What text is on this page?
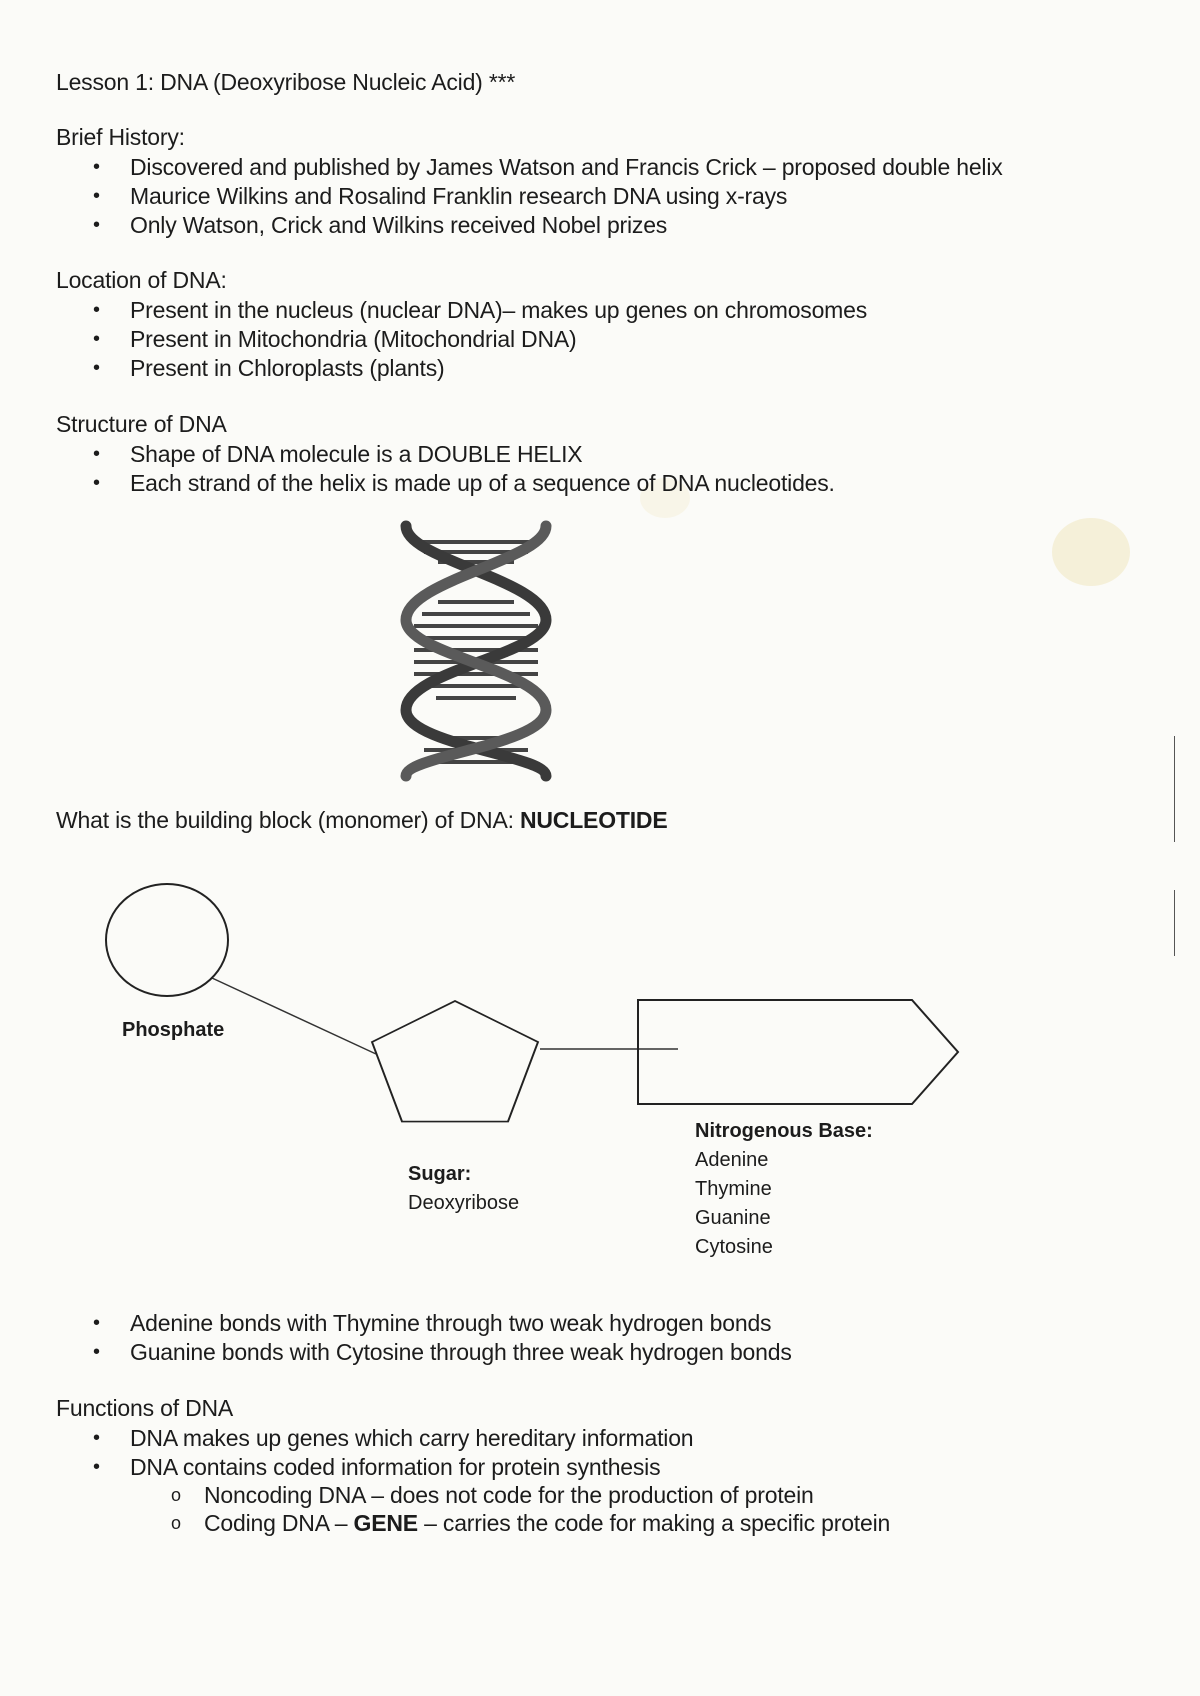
Lesson 1: DNA (Deoxyribose Nucleic Acid) ***
Brief History:
• Discovered and published by James Watson and Francis Crick – proposed double helix
• Maurice Wilkins and Rosalind Franklin research DNA using x-rays
• Only Watson, Crick and Wilkins received Nobel prizes
Location of DNA:
• Present in the nucleus (nuclear DNA)– makes up genes on chromosomes
• Present in Mitochondria (Mitochondrial DNA)
• Present in Chloroplasts (plants)
Structure of DNA
• Shape of DNA molecule is a DOUBLE HELIX
• Each strand of the helix is made up of a sequence of DNA nucleotides.
What is the building block (monomer) of DNA: NUCLEOTIDE
Phosphate
Sugar:
Deoxyribose
Nitrogenous Base:
Adenine
Thymine
Guanine
Cytosine
• Adenine bonds with Thymine through two weak hydrogen bonds
• Guanine bonds with Cytosine through three weak hydrogen bonds
Functions of DNA
• DNA makes up genes which carry hereditary information
• DNA contains coded information for protein synthesis
o Noncoding DNA – does not code for the production of protein
o Coding DNA – GENE – carries the code for making a specific protein
